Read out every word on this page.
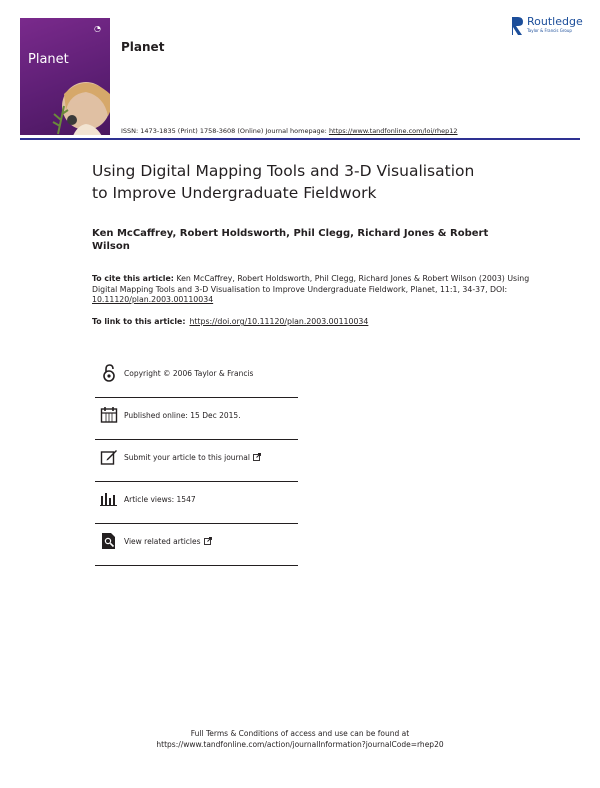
◔
Planet
Planet
Routledge
Taylor & Francis Group
ISSN: 1473-1835 (Print) 1758-3608 (Online) Journal homepage: https://www.tandfonline.com/loi/rhep12
Using Digital Mapping Tools and 3-D Visualisation
to Improve Undergraduate Fieldwork

Ken McCaffrey, Robert Holdsworth, Phil Clegg, Richard Jones & Robert Wilson

To cite this article: Ken McCaffrey, Robert Holdsworth, Phil Clegg, Richard Jones & Robert Wilson (2003) Using Digital Mapping Tools and 3-D Visualisation to Improve Undergraduate Fieldwork, Planet, 11:1, 34-37, DOI: 10.11120/plan.2003.00110034
To link to this article: https://doi.org/10.11120/plan.2003.00110034
Copyright © 2006 Taylor & Francis
Published online: 15 Dec 2015.
Submit your article to this journal
Article views: 1547
View related articles
Full Terms & Conditions of access and use can be found at
https://www.tandfonline.com/action/journalInformation?journalCode=rhep20
